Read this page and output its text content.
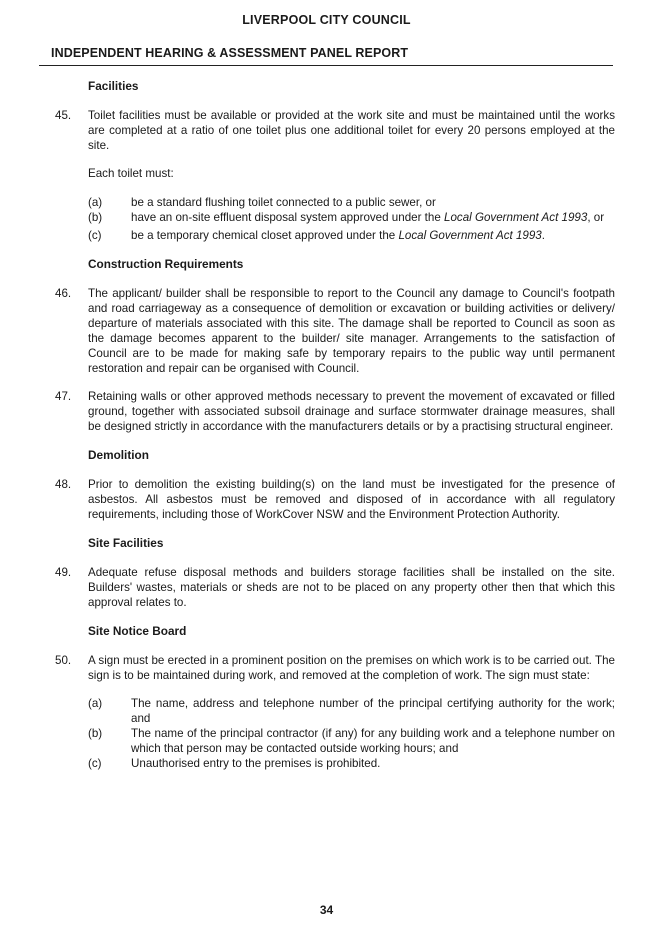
LIVERPOOL CITY COUNCIL
INDEPENDENT HEARING & ASSESSMENT PANEL REPORT
Facilities
45.	Toilet facilities must be available or provided at the work site and must be maintained until the works are completed at a ratio of one toilet plus one additional toilet for every 20 persons employed at the site.
Each toilet must:
(a)	be a standard flushing toilet connected to a public sewer, or
(b)	have an on-site effluent disposal system approved under the Local Government Act 1993, or
(c)	be a temporary chemical closet approved under the Local Government Act 1993.
Construction Requirements
46.	The applicant/ builder shall be responsible to report to the Council any damage to Council's footpath and road carriageway as a consequence of demolition or excavation or building activities or delivery/ departure of materials associated with this site. The damage shall be reported to Council as soon as the damage becomes apparent to the builder/ site manager. Arrangements to the satisfaction of Council are to be made for making safe by temporary repairs to the public way until permanent restoration and repair can be organised with Council.
47.	Retaining walls or other approved methods necessary to prevent the movement of excavated or filled ground, together with associated subsoil drainage and surface stormwater drainage measures, shall be designed strictly in accordance with the manufacturers details or by a practising structural engineer.
Demolition
48.	Prior to demolition the existing building(s) on the land must be investigated for the presence of asbestos. All asbestos must be removed and disposed of in accordance with all regulatory requirements, including those of WorkCover NSW and the Environment Protection Authority.
Site Facilities
49.	Adequate refuse disposal methods and builders storage facilities shall be installed on the site. Builders' wastes, materials or sheds are not to be placed on any property other then that which this approval relates to.
Site Notice Board
50.	A sign must be erected in a prominent position on the premises on which work is to be carried out. The sign is to be maintained during work, and removed at the completion of work. The sign must state:
(a)	The name, address and telephone number of the principal certifying authority for the work; and
(b)	The name of the principal contractor (if any) for any building work and a telephone number on which that person may be contacted outside working hours; and
(c)	Unauthorised entry to the premises is prohibited.
34
